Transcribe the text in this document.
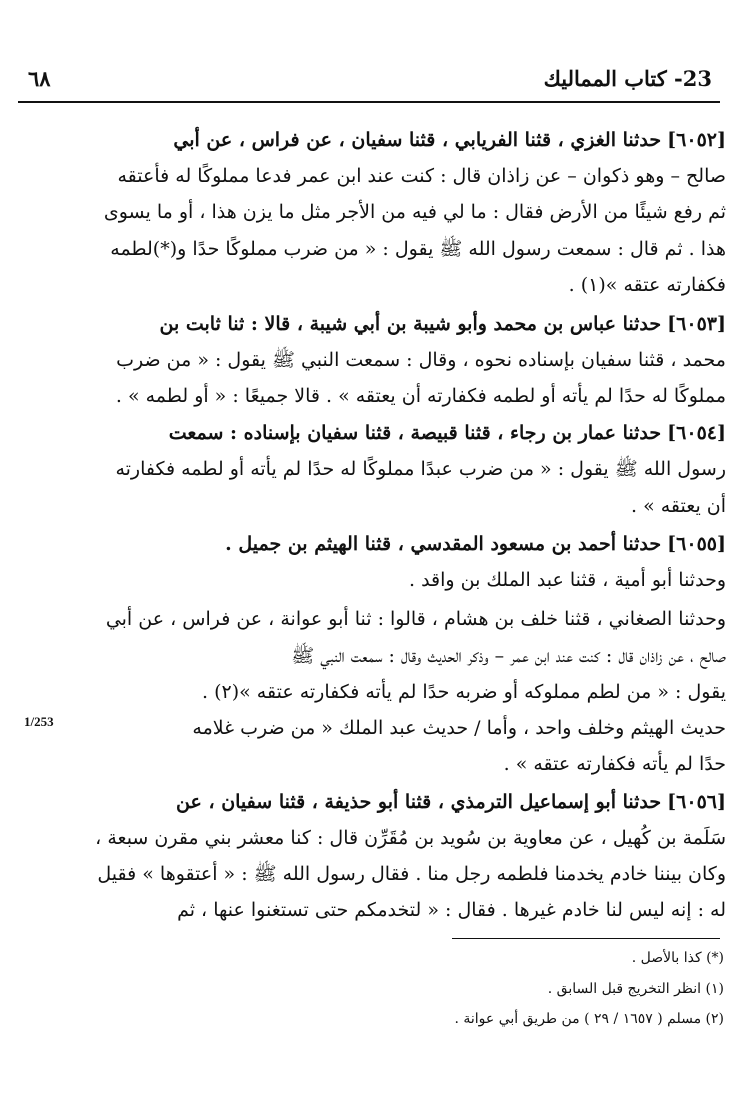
23- كتاب المماليك
٦٨
[٦٠٥٢] حدثنا الغزي ، قثنا الفريابي ، قثنا سفيان ، عن فراس ، عن أبي
صالح – وهو ذكوان – عن زاذان قال : كنت عند ابن عمر فدعا مملوكًا له فأعتقه
ثم رفع شيئًا من الأرض فقال : ما لي فيه من الأجر مثل ما يزن هذا ، أو ما يسوى
هذا . ثم قال : سمعت رسول الله ﷺ يقول : « من ضرب مملوكًا حدًا و(*)لطمه
فكفارته عتقه »(١) .
[٦٠٥٣] حدثنا عباس بن محمد وأبو شيبة بن أبي شيبة ، قالا : ثنا ثابت بن
محمد ، قثنا سفيان بإسناده نحوه ، وقال : سمعت النبي ﷺ يقول : « من ضرب
مملوكًا له حدًا لم يأته أو لطمه فكفارته أن يعتقه » . قالا جميعًا : « أو لطمه » .
[٦٠٥٤] حدثنا عمار بن رجاء ، قثنا قبيصة ، قثنا سفيان بإسناده : سمعت
رسول الله ﷺ يقول : « من ضرب عبدًا مملوكًا له حدًا لم يأته أو لطمه فكفارته
أن يعتقه » .
[٦٠٥٥] حدثنا أحمد بن مسعود المقدسي ، قثنا الهيثم بن جميل .
وحدثنا أبو أمية ، قثنا عبد الملك بن واقد .
وحدثنا الصغاني ، قثنا خلف بن هشام ، قالوا : ثنا أبو عوانة ، عن فراس ، عن أبي
صالح ، عن زاذان قال : كنت عند ابن عمر – وذكر الحديث وقال : سمعت النبي ﷺ
يقول : « من لطم مملوكه أو ضربه حدًا لم يأته فكفارته عتقه »(٢) .
حديث الهيثم وخلف واحد ، وأما / حديث عبد الملك « من ضرب غلامه
حدًا لم يأته فكفارته عتقه » .
[٦٠٥٦] حدثنا أبو إسماعيل الترمذي ، قثنا أبو حذيفة ، قثنا سفيان ، عن
سَلَمة بن كُهيل ، عن معاوية بن سُويد بن مُقَرِّن قال : كنا معشر بني مقرن سبعة ،
وكان بيننا خادم يخدمنا فلطمه رجل منا . فقال رسول الله ﷺ : « أعتقوها » فقيل
له : إنه ليس لنا خادم غيرها . فقال : « لتخدمكم حتى تستغنوا عنها ، ثم
1/253
(*) كذا بالأصل .
(١) انظر التخريج قبل السابق .
(٢) مسلم ( ١٦٥٧ / ٢٩ ) من طريق أبي عوانة .
